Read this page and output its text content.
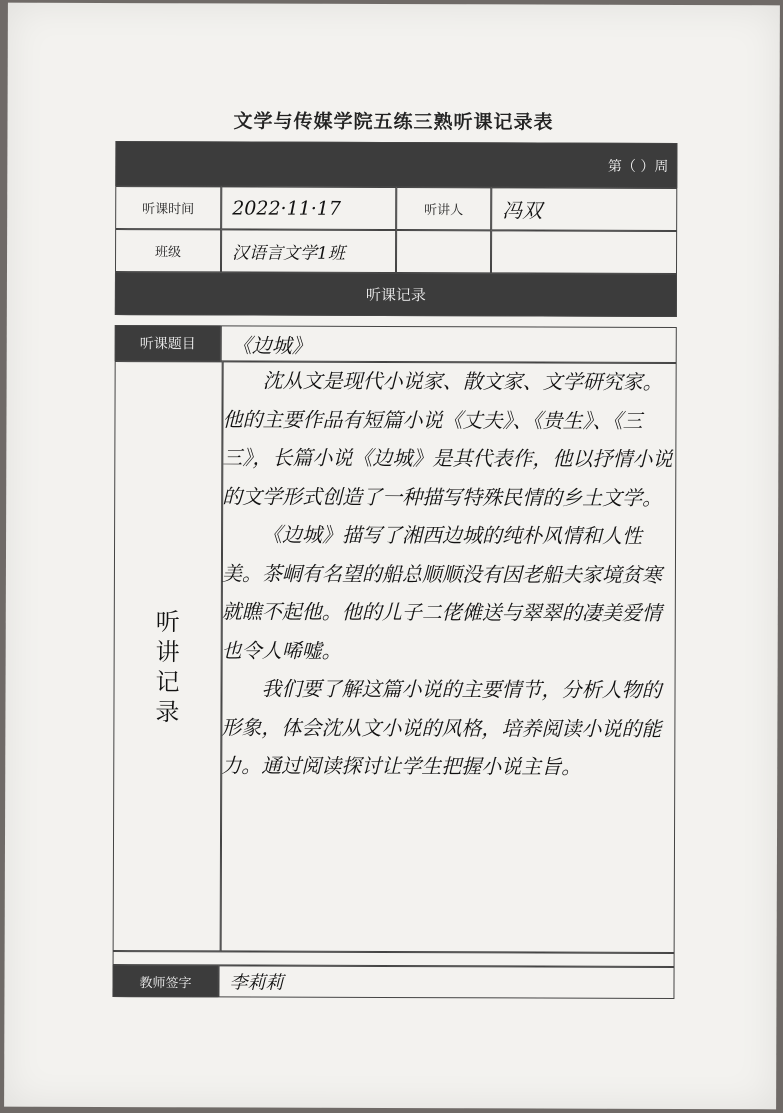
文学与传媒学院五练三熟听课记录表
第（ ）周
听课时间	2022·11·17	听讲人	冯双
班级	汉语言文学1班
听课记录
听课题目	《边城》
听讲记录

沈从文是现代小说家、散文家、文学研究家。他的主要作品有短篇小说《丈夫》、《贵生》、《三三》，长篇小说《边城》是其代表作，他以抒情小说的文学形式创造了一种描写特殊民情的乡土文学。

《边城》描写了湘西边城的纯朴风情和人性美。茶峒有名望的船总顺顺没有因老船夫家境贫寒就瞧不起他。他的儿子二佬傩送与翠翠的凄美爱情也令人唏嘘。

我们要了解这篇小说的主要情节，分析人物的形象，体会沈从文小说的风格，培养阅读小说的能力。通过阅读探讨让学生把握小说主旨。

教师签字	李莉莉
